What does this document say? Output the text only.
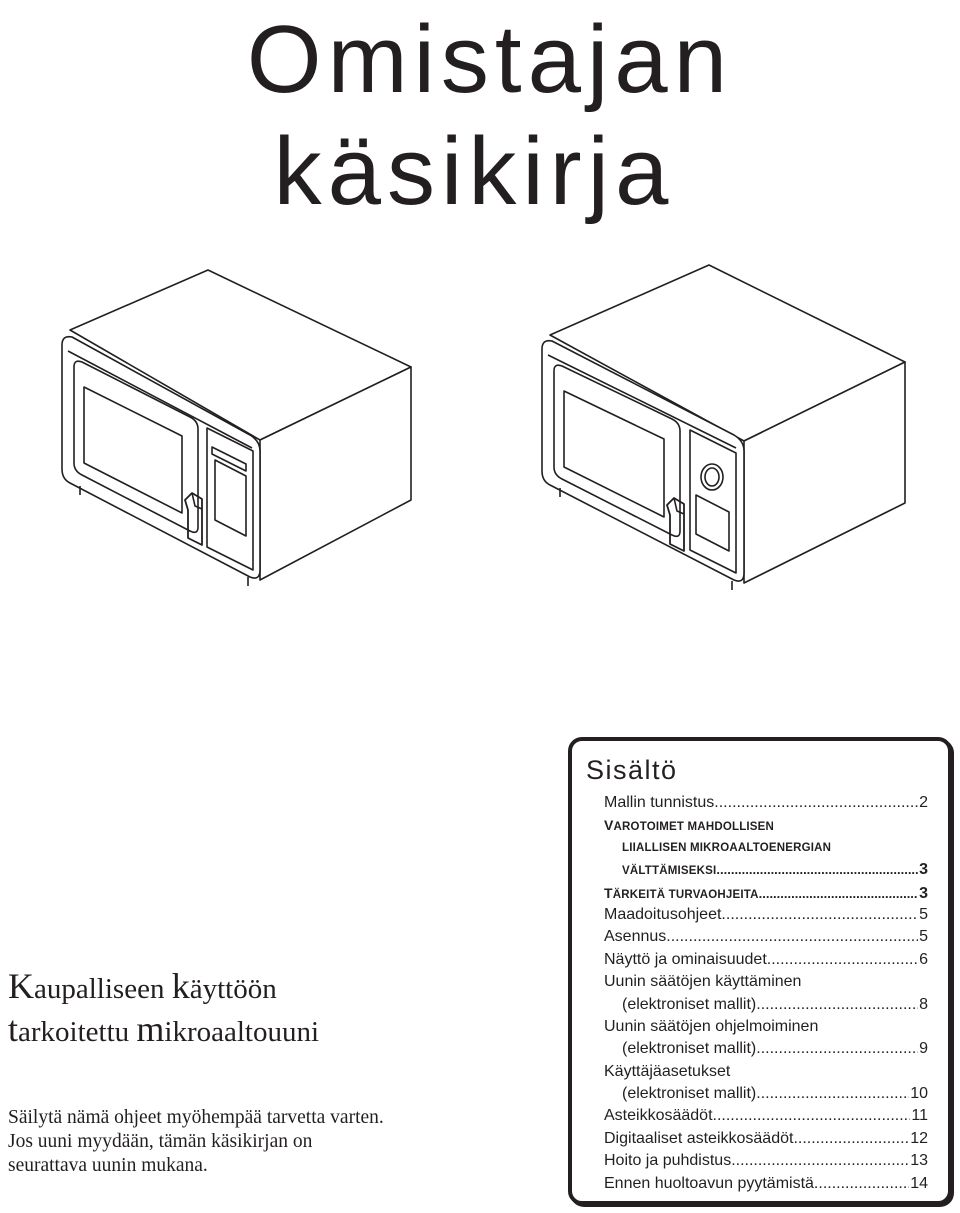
Omistajan
käsikirja
Kaupalliseen käyttöön
tarkoitettu mikroaaltouuni
Säilytä nämä ohjeet myöhempää tarvetta varten.
Jos uuni myydään, tämän käsikirjan on
seurattava uunin mukana.
Sisältö
Mallin tunnistus .....	2
VAROTOIMET MAHDOLLISEN
LIIALLISEN MIKROAALTOENERGIAN
VÄLTTÄMISEKSI .....	3
TÄRKEITÄ TURVAOHJEITA .....	3
Maadoitusohjeet .....	5
Asennus .....	5
Näyttö ja ominaisuudet .....	6
Uunin säätöjen käyttäminen
(elektroniset mallit) .....	8
Uunin säätöjen ohjelmoiminen
(elektroniset mallit) .....	9
Käyttäjäasetukset
(elektroniset mallit) .....	10
Asteikkosäädöt .....	11
Digitaaliset asteikkosäädöt .....	12
Hoito ja puhdistus .....	13
Ennen huoltoavun pyytämistä .....	14
